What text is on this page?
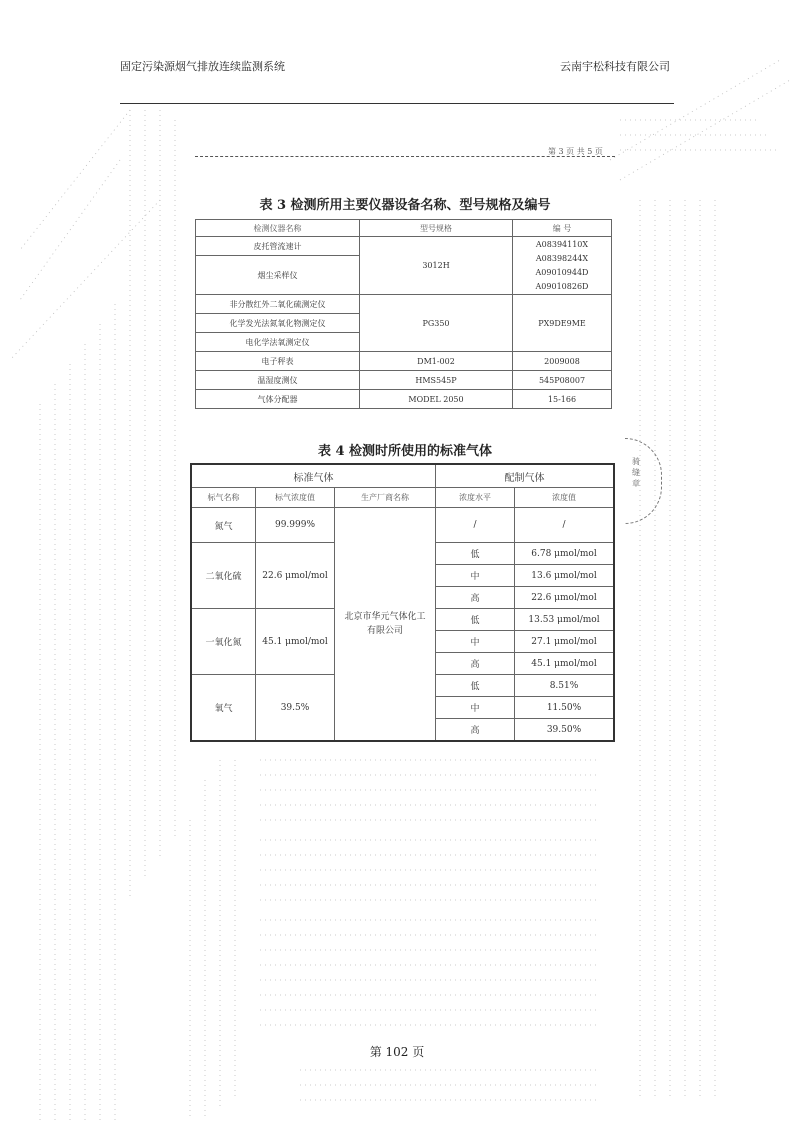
固定污染源烟气排放连续监测系统	云南宇松科技有限公司
第 3 页 共 5 页
表 3 检测所用主要仪器设备名称、型号规格及编号
检测仪器名称	型号规格	编 号
皮托管流速计	3012H	A08394110X
A08398244X
A09010944D
A09010826D

烟尘采样仪		
非分散红外二氧化硫测定仪	PG350	PX9DE9ME
化学发光法氮氧化物测定仪		
电化学法氧测定仪		
电子秤表	DM1-002	2009008
温湿度测仪	HMS545P	545P08007
气体分配器	MODEL 2050	15-166
表 4 检测时所使用的标准气体
标准气体			配制气体	
标气名称	标气浓度值	生产厂商名称	浓度水平	浓度值
氮气	99.999%	北京市华元气体化工有限公司	/	/
二氧化硫	22.6 μmol/mol		低	6.78 μmol/mol
			中	13.6 μmol/mol
			高	22.6 μmol/mol
一氧化氮	45.1 μmol/mol		低	13.53 μmol/mol
			中	27.1 μmol/mol
			高	45.1 μmol/mol
氧气	39.5%		低	8.51%
			中	11.50%
			高	39.50%
骑缝章
第 102 页
